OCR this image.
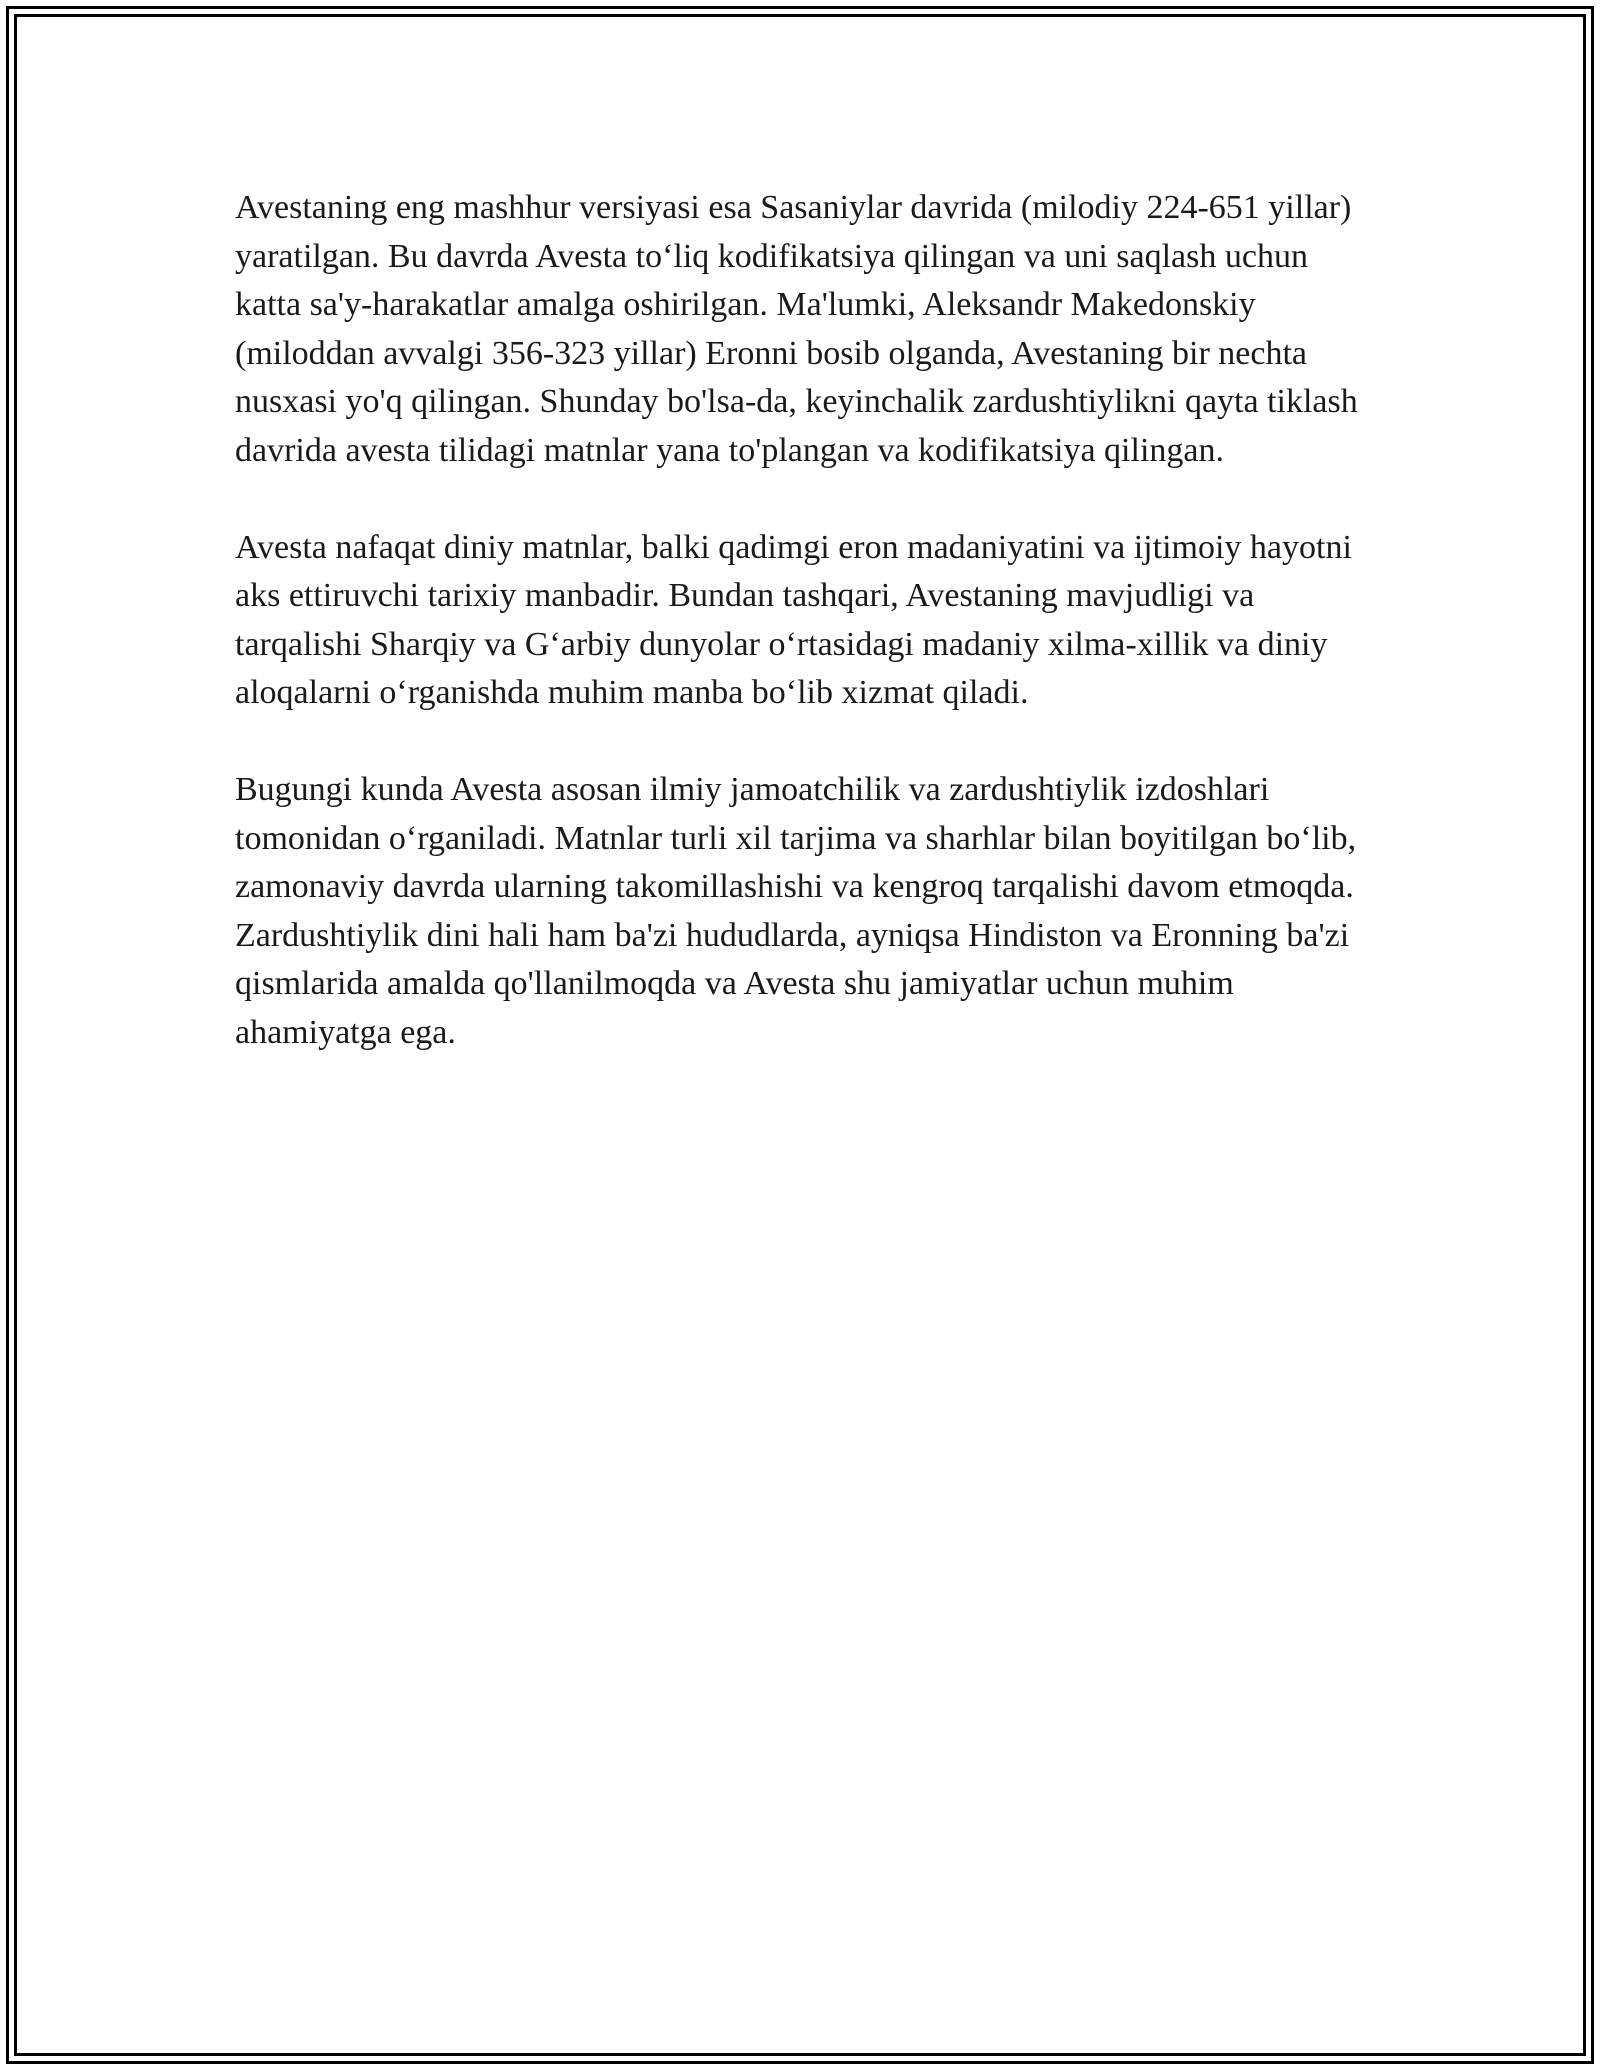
Avestaning eng mashhur versiyasi esa Sasaniylar davrida (milodiy 224-651 yillar) yaratilgan. Bu davrda Avesta to‘liq kodifikatsiya qilingan va uni saqlash uchun katta sa'y-harakatlar amalga oshirilgan. Ma'lumki, Aleksandr Makedonskiy (miloddan avvalgi 356-323 yillar) Eronni bosib olganda, Avestaning bir nechta nusxasi yo'q qilingan. Shunday bo'lsa-da, keyinchalik zardushtiylikni qayta tiklash davrida avesta tilidagi matnlar yana to'plangan va kodifikatsiya qilingan.

Avesta nafaqat diniy matnlar, balki qadimgi eron madaniyatini va ijtimoiy hayotni aks ettiruvchi tarixiy manbadir. Bundan tashqari, Avestaning mavjudligi va tarqalishi Sharqiy va G‘arbiy dunyolar o‘rtasidagi madaniy xilma-xillik va diniy aloqalarni o‘rganishda muhim manba bo‘lib xizmat qiladi.

Bugungi kunda Avesta asosan ilmiy jamoatchilik va zardushtiylik izdoshlari tomonidan o‘rganiladi. Matnlar turli xil tarjima va sharhlar bilan boyitilgan bo‘lib, zamonaviy davrda ularning takomillashishi va kengroq tarqalishi davom etmoqda. Zardushtiylik dini hali ham ba'zi hududlarda, ayniqsa Hindiston va Eronning ba'zi qismlarida amalda qo'llanilmoqda va Avesta shu jamiyatlar uchun muhim ahamiyatga ega.
